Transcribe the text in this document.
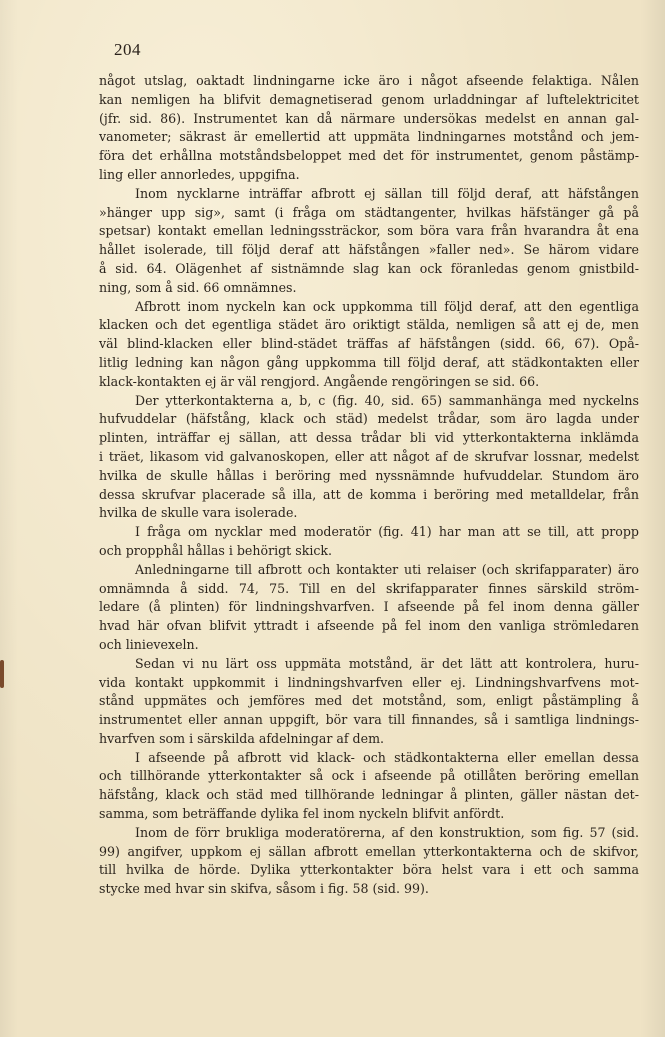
204

något utslag, oaktadt lindningarne icke äro i något afseende felaktiga. Nålen

kan nemligen ha blifvit demagnetiserad genom urladdningar af luftelektricitet

(jfr. sid. 86). Instrumentet kan då närmare undersökas medelst en annan gal-

vanometer; säkrast är emellertid att uppmäta lindningarnes motstånd och jem-

föra det erhållna motståndsbeloppet med det för instrumentet, genom påstämp-

ling eller annorledes, uppgifna.

Inom nycklarne inträffar afbrott ej sällan till följd deraf, att häfstången

»hänger upp sig», samt (i fråga om städtangenter, hvilkas häfstänger gå på

spetsar) kontakt emellan ledningssträckor, som böra vara från hvarandra åt ena

hållet isolerade, till följd deraf att häfstången »faller ned». Se härom vidare

å sid. 64. Olägenhet af sistnämnde slag kan ock föranledas genom gnistbild-

ning, som å sid. 66 omnämnes.

Afbrott inom nyckeln kan ock uppkomma till följd deraf, att den egentliga

klacken och det egentliga städet äro oriktigt stälda, nemligen så att ej de, men

väl blind-klacken eller blind-städet träffas af häfstången (sidd. 66, 67). Opå-

litlig ledning kan någon gång uppkomma till följd deraf, att städkontakten eller

klack-kontakten ej är väl rengjord. Angående rengöringen se sid. 66.

Der ytterkontakterna a, b, c (fig. 40, sid. 65) sammanhänga med nyckelns

hufvuddelar (häfstång, klack och städ) medelst trådar, som äro lagda under

plinten, inträffar ej sällan, att dessa trådar bli vid ytterkontakterna inklämda

i träet, likasom vid galvanoskopen, eller att något af de skrufvar lossnar, medelst

hvilka de skulle hållas i beröring med nyssnämnde hufvuddelar. Stundom äro

dessa skrufvar placerade så illa, att de komma i beröring med metalldelar, från

hvilka de skulle vara isolerade.

I fråga om nycklar med moderatör (fig. 41) har man att se till, att propp

och propphål hållas i behörigt skick.

Anledningarne till afbrott och kontakter uti relaiser (och skrifapparater) äro

omnämnda å sidd. 74, 75. Till en del skrifapparater finnes särskild ström-

ledare (å plinten) för lindningshvarfven. I afseende på fel inom denna gäller

hvad här ofvan blifvit yttradt i afseende på fel inom den vanliga strömledaren

och linievexeln.

Sedan vi nu lärt oss uppmäta motstånd, är det lätt att kontrolera, huru-

vida kontakt uppkommit i lindningshvarfven eller ej. Lindningshvarfvens mot-

stånd uppmätes och jemföres med det motstånd, som, enligt påstämpling å

instrumentet eller annan uppgift, bör vara till finnandes, så i samtliga lindnings-

hvarfven som i särskilda afdelningar af dem.

I afseende på afbrott vid klack- och städkontakterna eller emellan dessa

och tillhörande ytterkontakter så ock i afseende på otillåten beröring emellan

häfstång, klack och städ med tillhörande ledningar å plinten, gäller nästan det-

samma, som beträffande dylika fel inom nyckeln blifvit anfördt.

Inom de förr brukliga moderatörerna, af den konstruktion, som fig. 57 (sid.

99) angifver, uppkom ej sällan afbrott emellan ytterkontakterna och de skifvor,

till hvilka de hörde. Dylika ytterkontakter böra helst vara i ett och samma

stycke med hvar sin skifva, såsom i fig. 58 (sid. 99).
